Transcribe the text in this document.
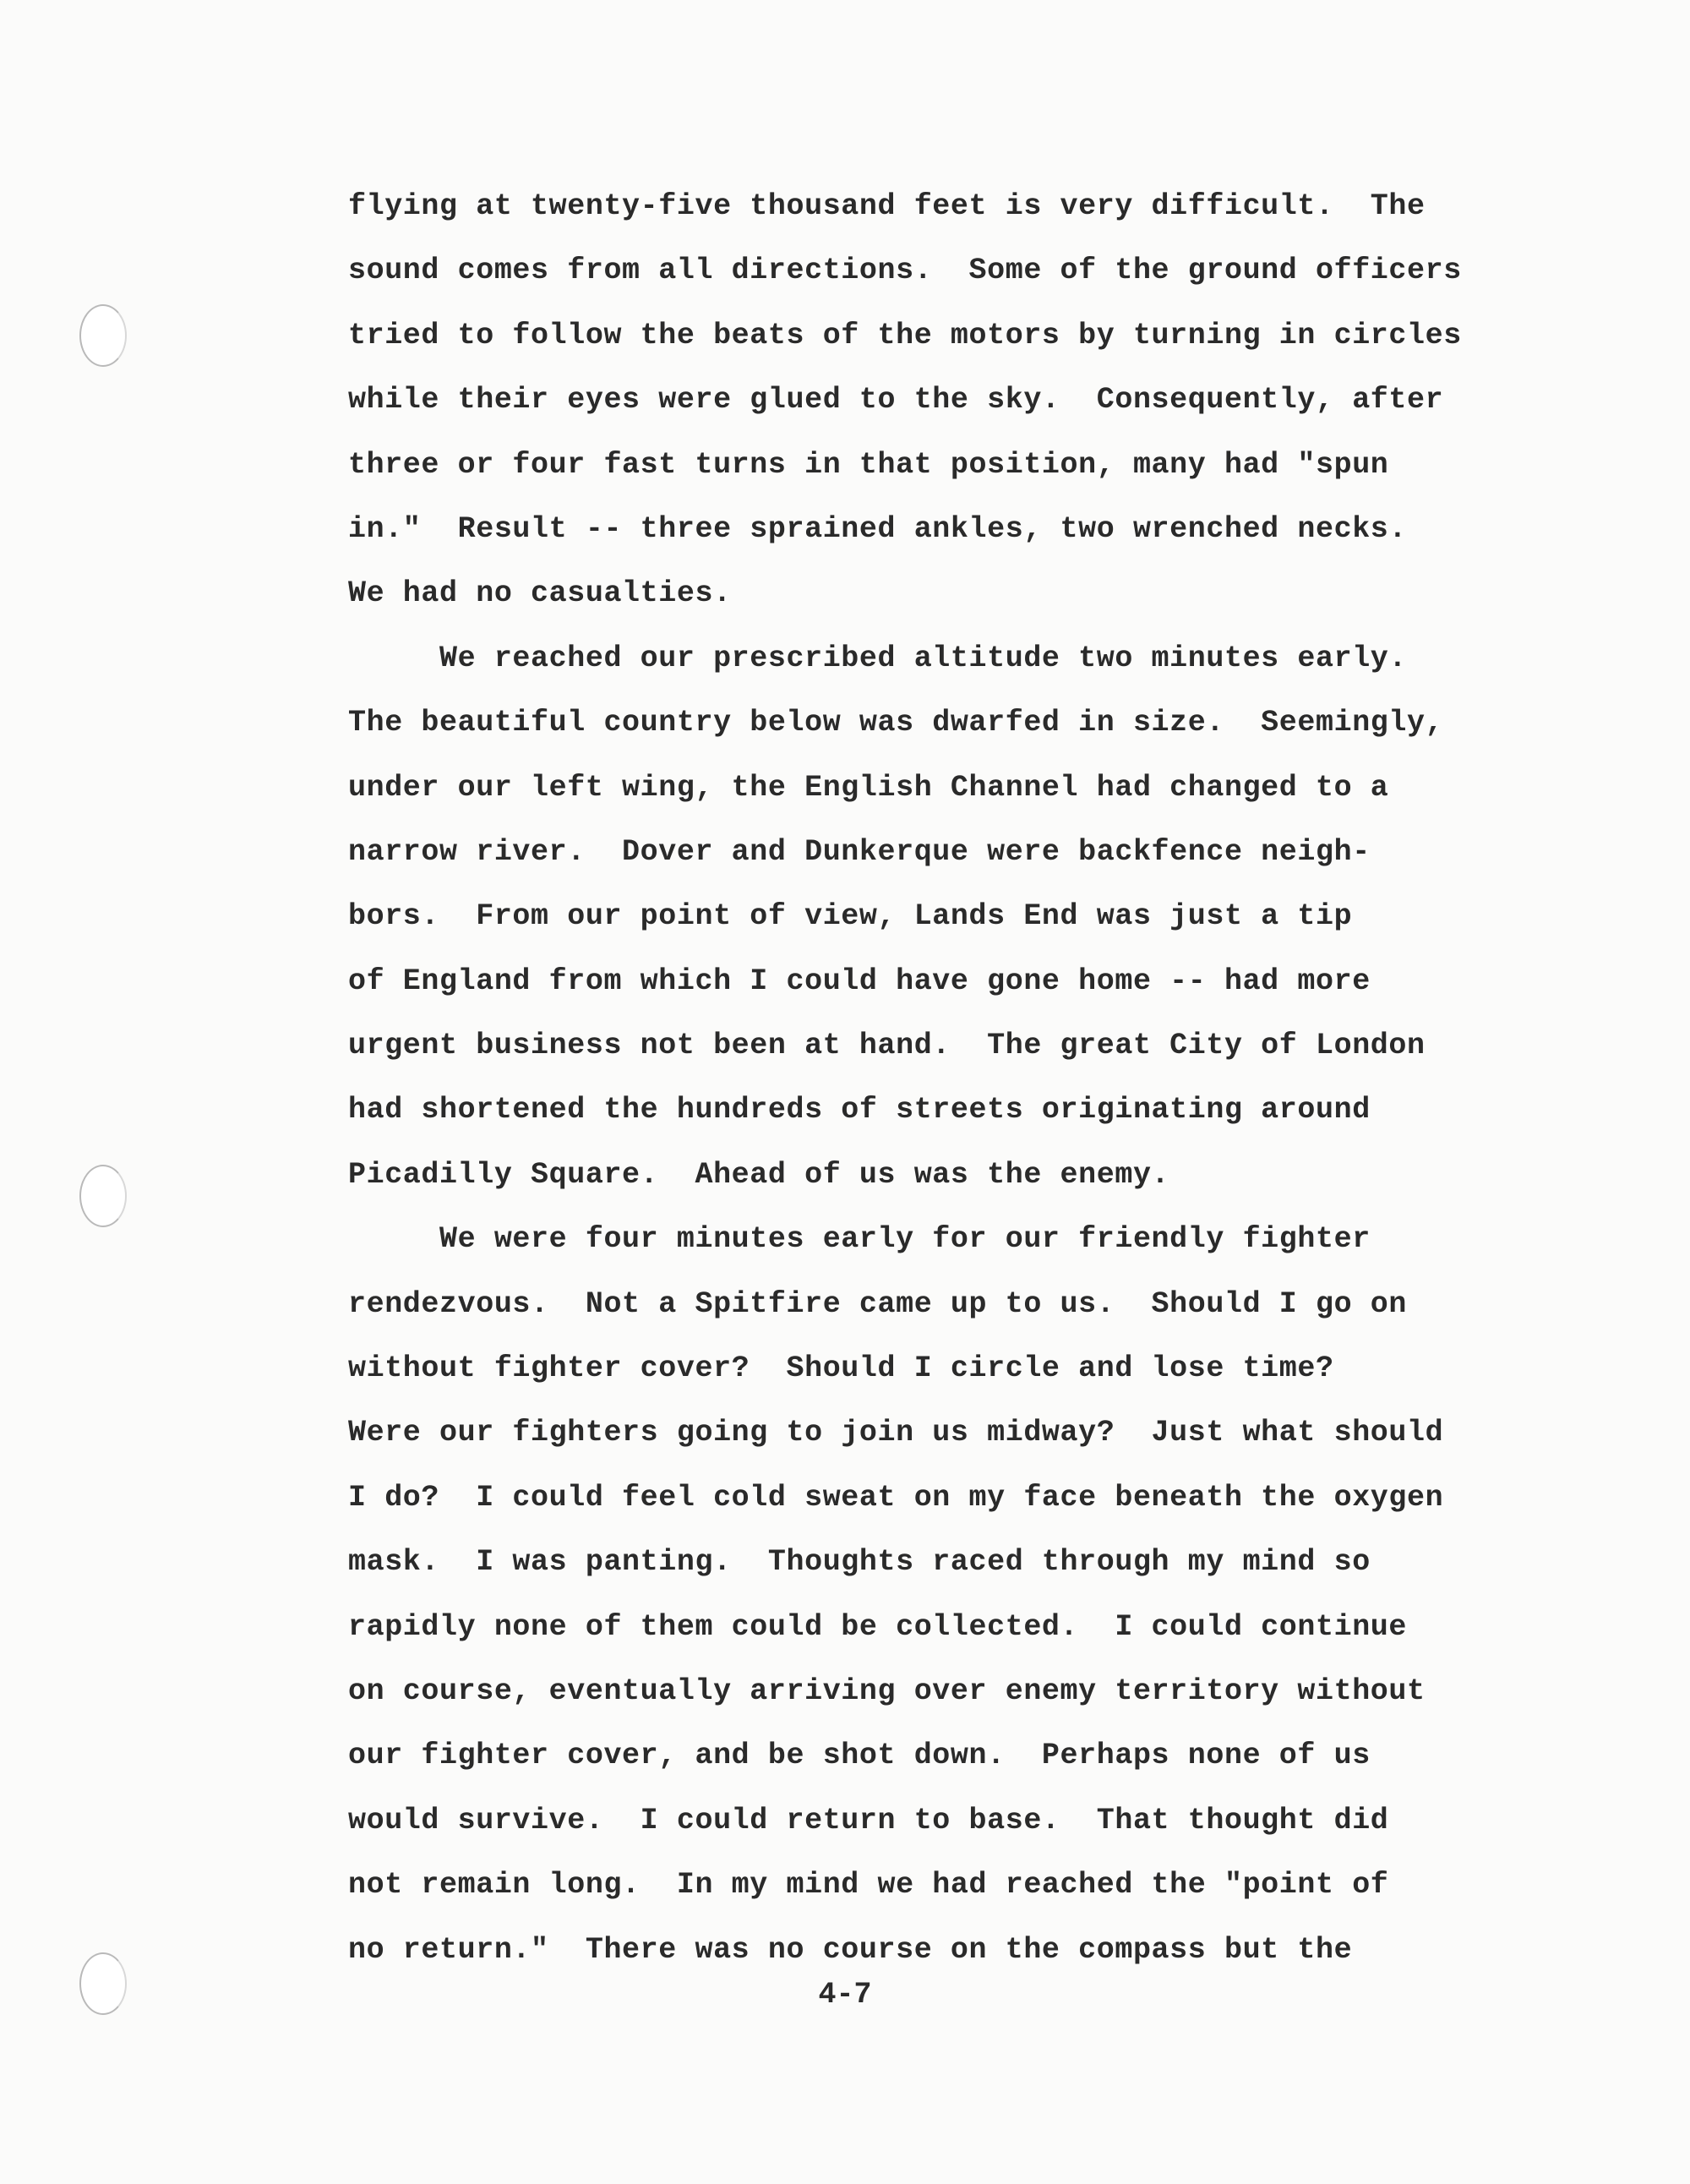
flying at twenty-five thousand feet is very difficult.  The
sound comes from all directions.  Some of the ground officers
tried to follow the beats of the motors by turning in circles
while their eyes were glued to the sky.  Consequently, after
three or four fast turns in that position, many had "spun
in."  Result -- three sprained ankles, two wrenched necks.
We had no casualties.
We reached our prescribed altitude two minutes early.
The beautiful country below was dwarfed in size.  Seemingly,
under our left wing, the English Channel had changed to a
narrow river.  Dover and Dunkerque were backfence neigh-
bors.  From our point of view, Lands End was just a tip
of England from which I could have gone home -- had more
urgent business not been at hand.  The great City of London
had shortened the hundreds of streets originating around
Picadilly Square.  Ahead of us was the enemy.
We were four minutes early for our friendly fighter
rendezvous.  Not a Spitfire came up to us.  Should I go on
without fighter cover?  Should I circle and lose time?
Were our fighters going to join us midway?  Just what should
I do?  I could feel cold sweat on my face beneath the oxygen
mask.  I was panting.  Thoughts raced through my mind so
rapidly none of them could be collected.  I could continue
on course, eventually arriving over enemy territory without
our fighter cover, and be shot down.  Perhaps none of us
would survive.  I could return to base.  That thought did
not remain long.  In my mind we had reached the "point of
no return."  There was no course on the compass but the
4-7
